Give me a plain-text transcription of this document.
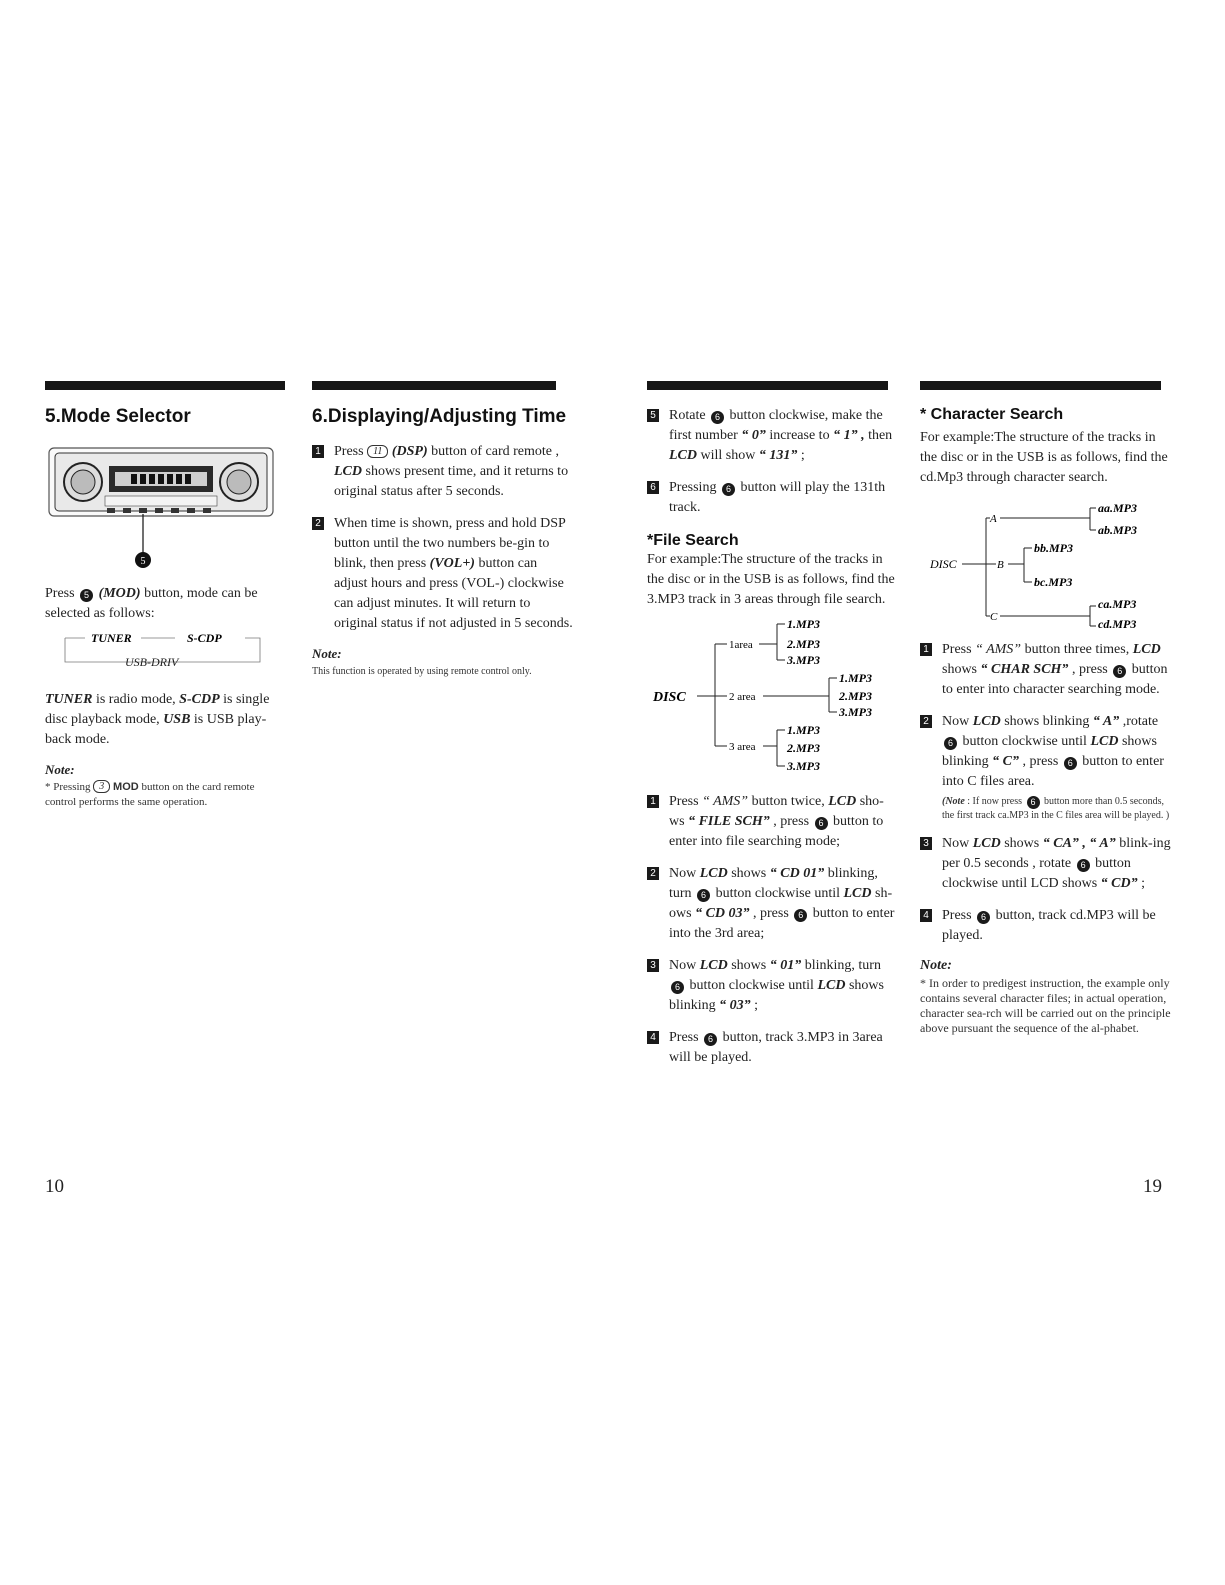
5.Mode Selector
5

Press 5 (MOD) button, mode can be selected as follows:

TUNER	S-CDP
USB-DRIV

TUNER is radio mode, S-CDP is single disc playback mode, USB is USB play-back mode.

Note:

* Pressing 3 MOD button on the card remote control performs the same operation.

6.Displaying/Adjusting Time
1 Press 11 (DSP) button of card remote , LCD shows present time, and it returns to original status after 5 seconds.

2 When time is shown, press and hold DSP button until the two numbers be-gin to blink, then press (VOL+) button can adjust hours and press (VOL-) clockwise can adjust minutes. It will return to original status if not adjusted in 5 seconds.

Note:

This function is operated by using remote control only.

10
5 Rotate 6 button clockwise, make the first number “ 0” increase to “ 1” , then LCD will show “ 131” ;

6 Pressing 6 button will play the 131th track.

*File Search

For example:The structure of the tracks in the disc or in the USB is as follows, find the 3.MP3 track in 3 areas through file search.

DISC
1area
2 area
3 area
1.MP3
2.MP3
3.MP3
1.MP3
2.MP3
3.MP3
1.MP3
2.MP3
3.MP3
1 Press “ AMS” button twice, LCD sho-ws “ FILE SCH” , press 6 button to enter into file searching mode;

2 Now LCD shows “ CD 01” blinking, turn 6 button clockwise until LCD sh-ows “ CD 03” , press 6 button to enter into the 3rd area;

3 Now LCD shows “ 01” blinking, turn 6 button clockwise until LCD shows blinking “ 03” ;

4 Press 6 button, track 3.MP3 in 3area will be played.

* Character Search

For example:The structure of the tracks in the disc or in the USB is as follows, find the cd.Mp3 through character search.

DISC
A
B
C
aa.MP3
ab.MP3
bb.MP3
bc.MP3
ca.MP3
cd.MP3
1 Press “ AMS” button three times, LCD shows “ CHAR SCH” , press 6 button to enter into character searching mode.

2 Now LCD shows blinking “ A” ,rotate 6 button clockwise until LCD shows blinking “ C” , press 6 button to enter into C files area.

(Note : If now press 6 button more than 0.5 seconds, the first track ca.MP3 in the C files area will be played. )

3 Now LCD shows “ CA” , “ A” blink-ing per 0.5 seconds , rotate 6 button clockwise until LCD shows “ CD” ;

4 Press 6 button, track cd.MP3 will be played.

Note:

* In order to predigest instruction, the example only contains several character files; in actual operation, character sea-rch will be carried out on the principle above pursuant the sequence of the al-phabet.

19
